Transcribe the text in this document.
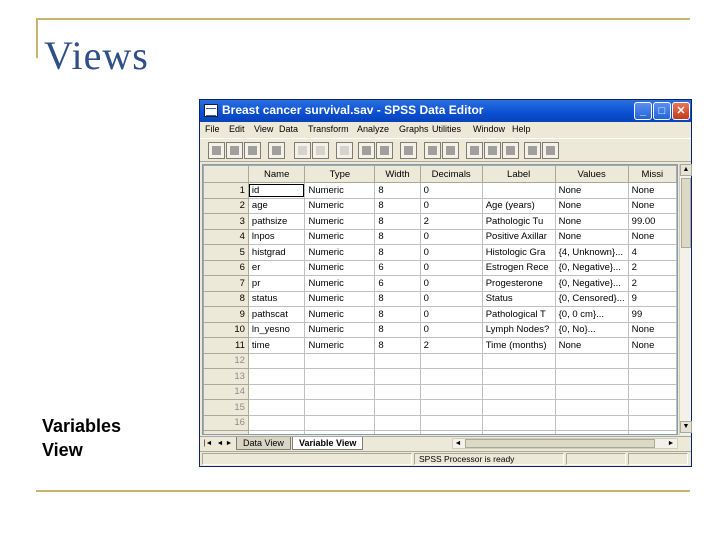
Views
Variables
View
Breast cancer survival.sav - SPSS Data Editor	_	□	✕
File Edit View Data Transform Analyze Graphs Utilities Window Help
	Name	Type	Width	Decimals	Label	Values	Missi
1	id	Numeric	8	0		None	None
2	age	Numeric	8	0	Age (years)	None	None
3	pathsize	Numeric	8	2	Pathologic Tu	None	99.00
4	lnpos	Numeric	8	0	Positive Axillar	None	None
5	histgrad	Numeric	8	0	Histologic Gra	{4, Unknown}...	4
6	er	Numeric	6	0	Estrogen Rece	{0, Negative}...	2
7	pr	Numeric	6	0	Progesterone	{0, Negative}...	2
8	status	Numeric	8	0	Status	{0, Censored}...	9
9	pathscat	Numeric	8	0	Pathological T	{0, 0 cm}...	99
10	ln_yesno	Numeric	8	0	Lymph Nodes?	{0, No}...	None
11	time	Numeric	8	2	Time (months)	None	None
12							
13							
14							
15							
16							

▲
▼
|◄ ◄ ►	Data View	Variable View	◄	►
SPSS Processor is ready
